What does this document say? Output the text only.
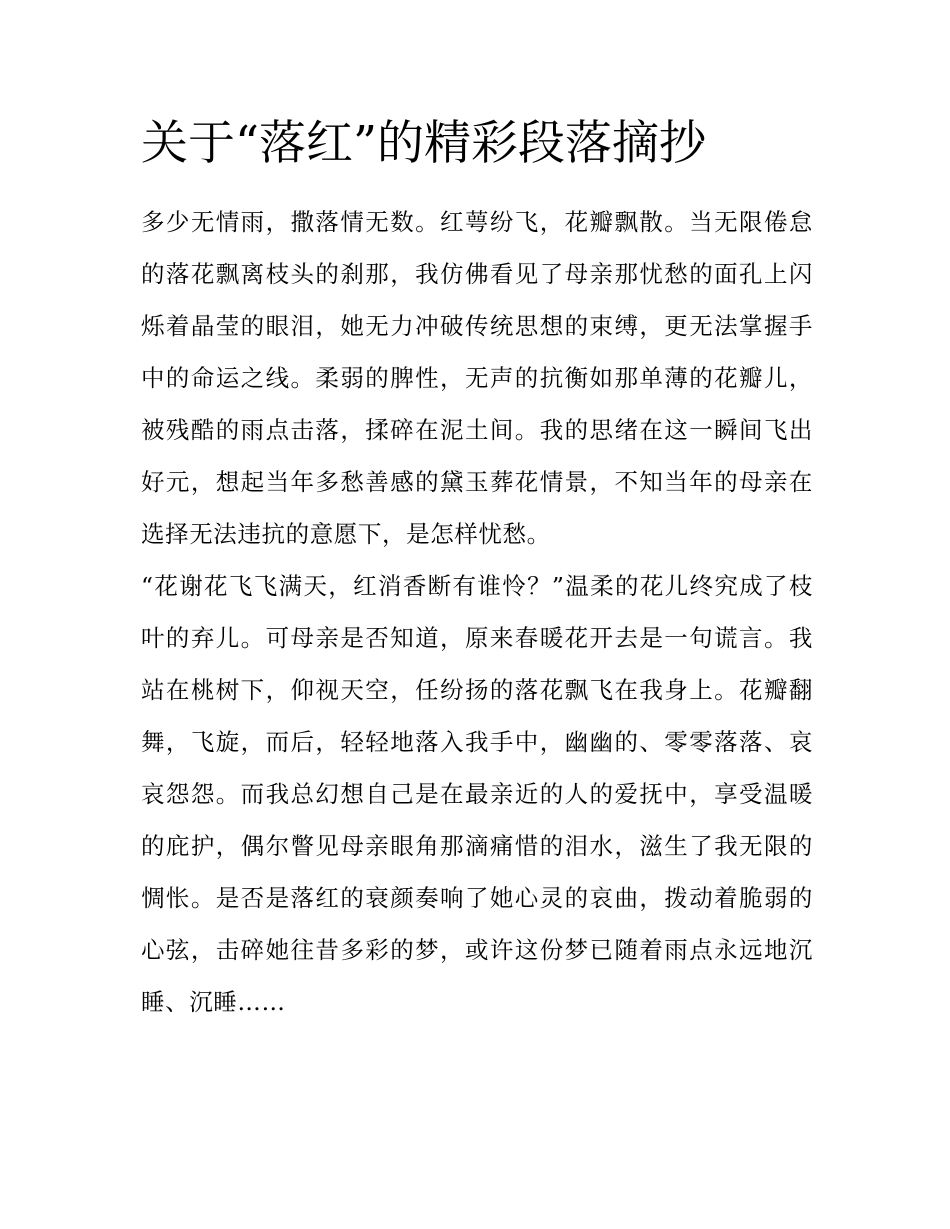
关于“落红”的精彩段落摘抄

多少无情雨，撒落情无数。红萼纷飞，花瓣飘散。当无限倦怠的落花飘离枝头的刹那，我仿佛看见了母亲那忧愁的面孔上闪烁着晶莹的眼泪，她无力冲破传统思想的束缚，更无法掌握手中的命运之线。柔弱的脾性，无声的抗衡如那单薄的花瓣儿，被残酷的雨点击落，揉碎在泥土间。我的思绪在这一瞬间飞出好元，想起当年多愁善感的黛玉葬花情景，不知当年的母亲在选择无法违抗的意愿下，是怎样忧愁。

“花谢花飞飞满天，红消香断有谁怜？”温柔的花儿终究成了枝叶的弃儿。可母亲是否知道，原来春暖花开去是一句谎言。我站在桃树下，仰视天空，任纷扬的落花飘飞在我身上。花瓣翻舞，飞旋，而后，轻轻地落入我手中，幽幽的、零零落落、哀哀怨怨。而我总幻想自己是在最亲近的人的爱抚中，享受温暖的庇护，偶尔瞥见母亲眼角那滴痛惜的泪水，滋生了我无限的惆怅。是否是落红的衰颜奏响了她心灵的哀曲，拨动着脆弱的心弦，击碎她往昔多彩的梦，或许这份梦已随着雨点永远地沉睡、沉睡……
